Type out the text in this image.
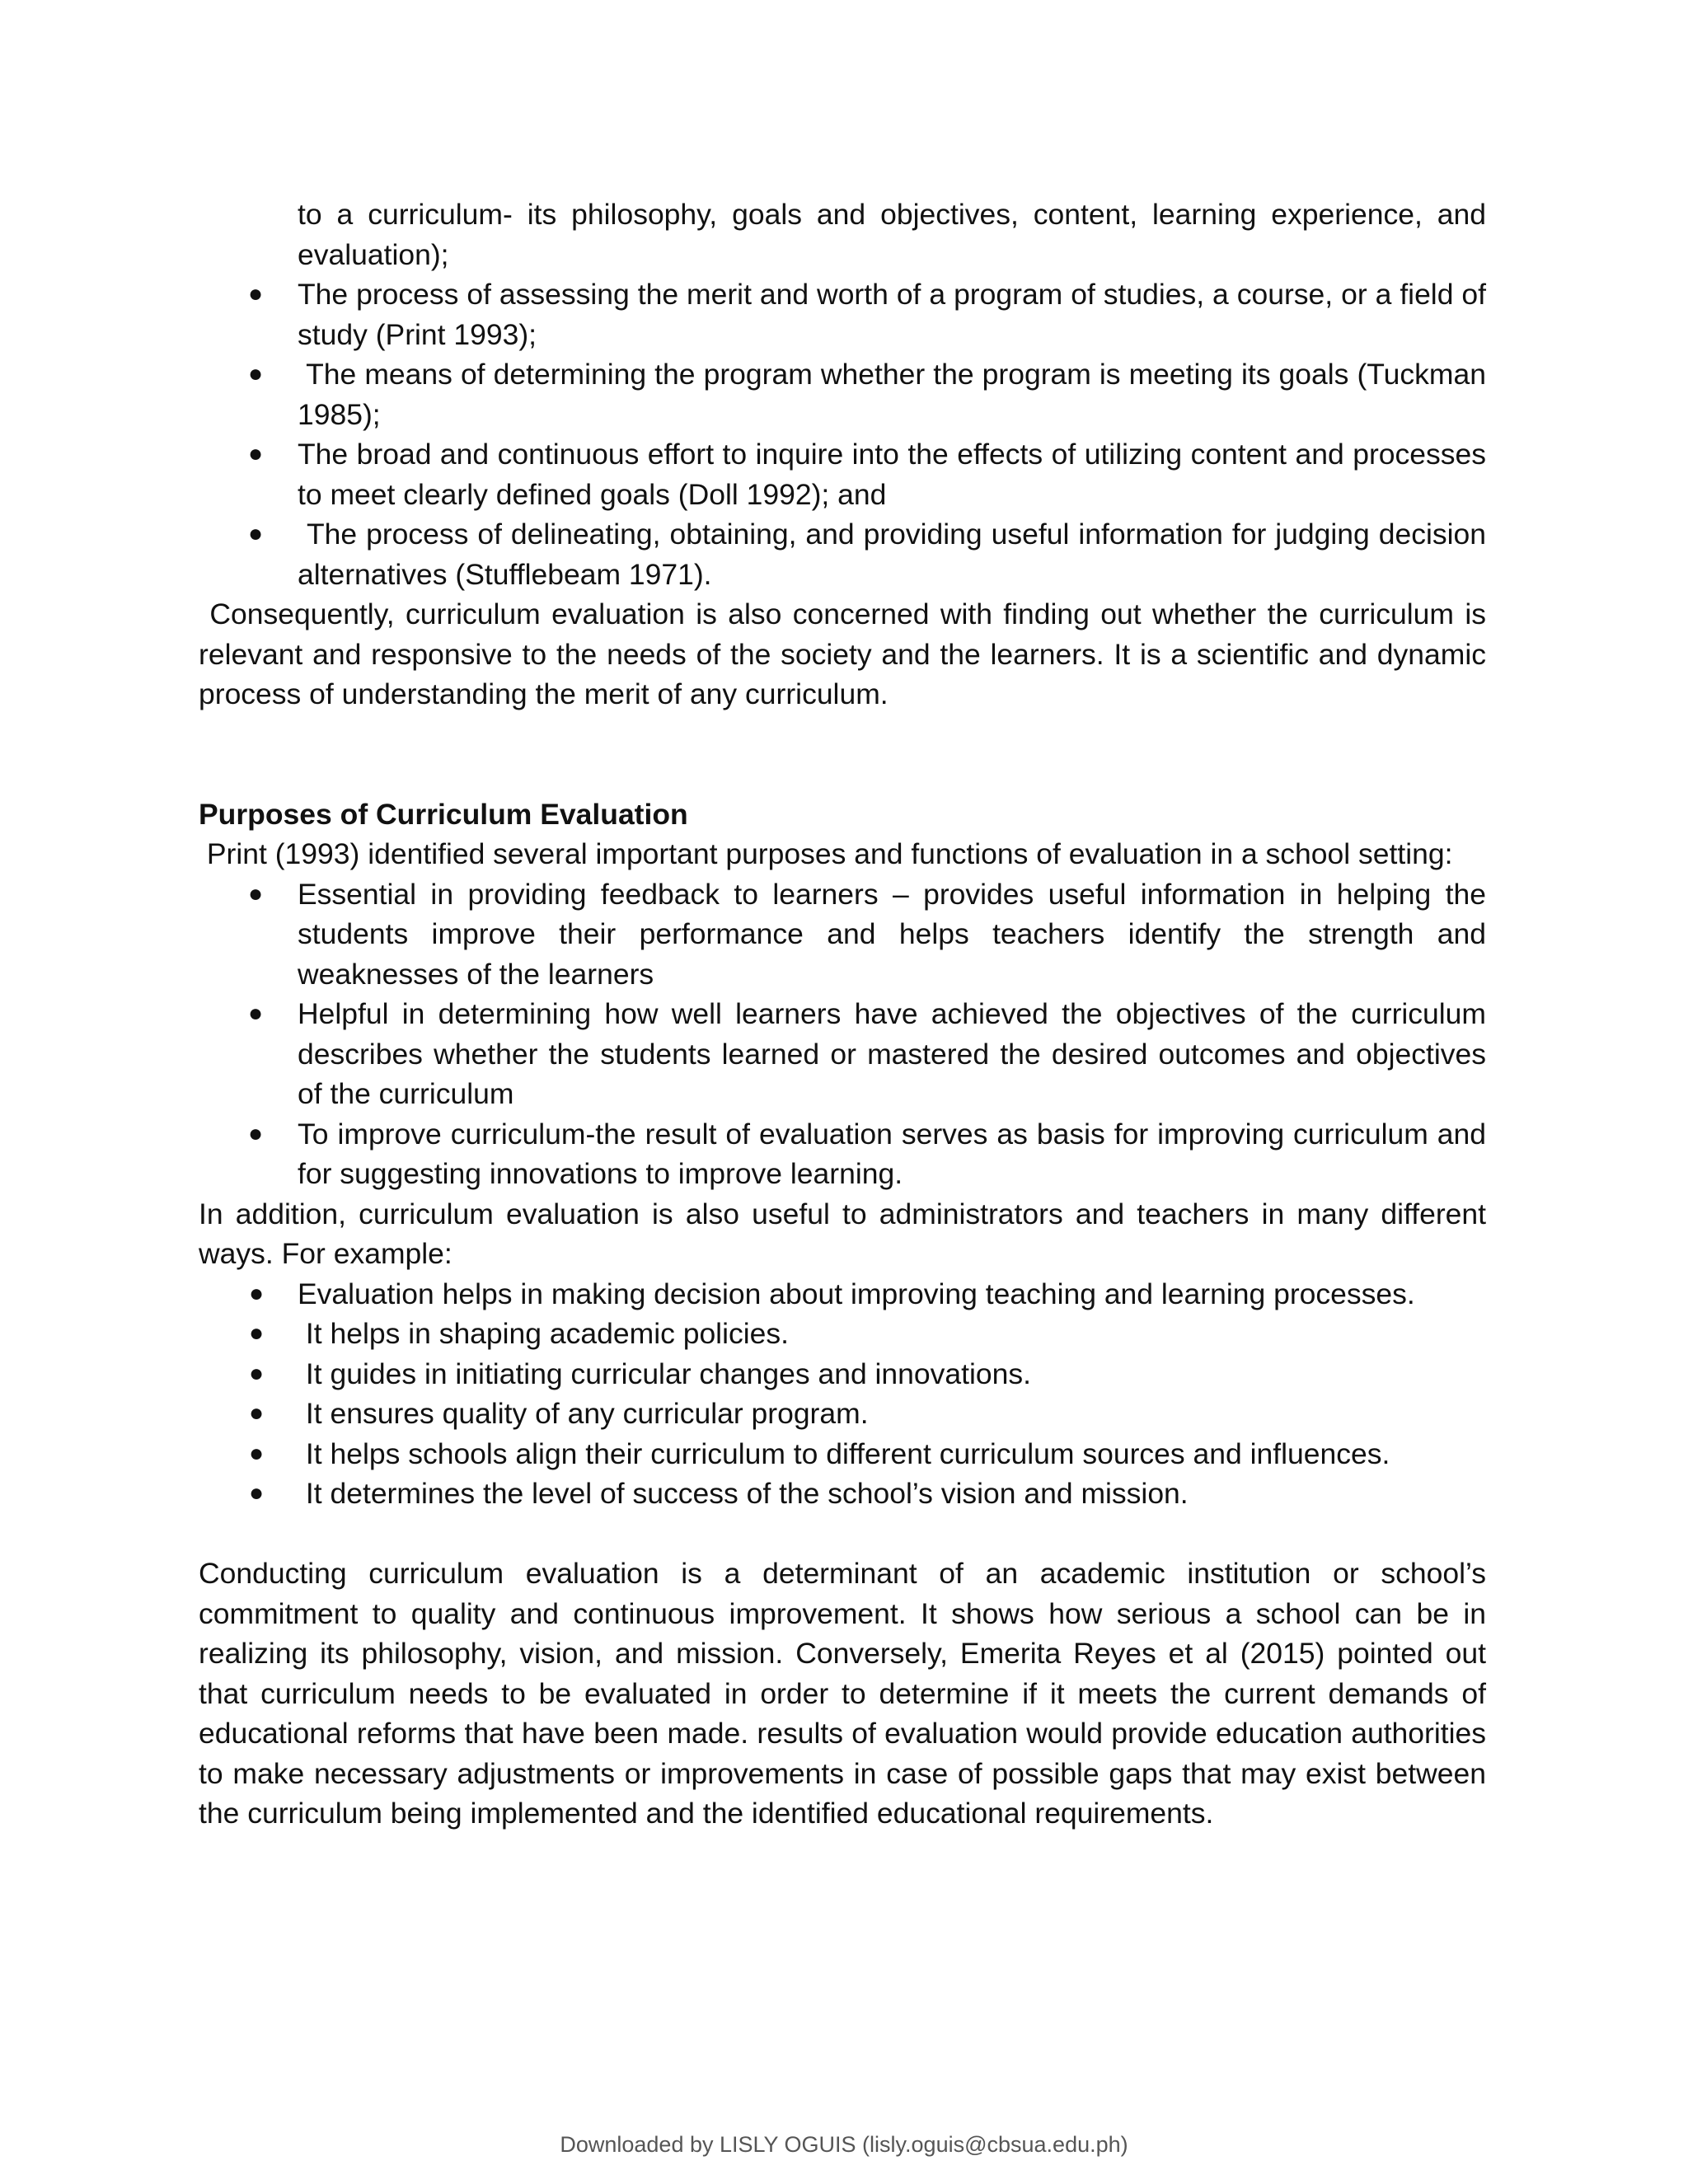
to a curriculum- its philosophy, goals and objectives, content, learning experience, and evaluation);

● The process of assessing the merit and worth of a program of studies, a course, or a field of study (Print 1993);
● The means of determining the program whether the program is meeting its goals (Tuckman 1985);
● The broad and continuous effort to inquire into the effects of utilizing content and processes to meet clearly defined goals (Doll 1992); and
● The process of delineating, obtaining, and providing useful information for judging decision alternatives (Stufflebeam 1971).

Consequently, curriculum evaluation is also concerned with finding out whether the curriculum is relevant and responsive to the needs of the society and the learners. It is a scientific and dynamic process of understanding the merit of any curriculum.

Purposes of Curriculum Evaluation

Print (1993) identified several important purposes and functions of evaluation in a school setting:

● Essential in providing feedback to learners – provides useful information in helping the students improve their performance and helps teachers identify the strength and weaknesses of the learners
● Helpful in determining how well learners have achieved the objectives of the curriculum describes whether the students learned or mastered the desired outcomes and objectives of the curriculum
● To improve curriculum-the result of evaluation serves as basis for improving curriculum and for suggesting innovations to improve learning.

In addition, curriculum evaluation is also useful to administrators and teachers in many different ways. For example:

● Evaluation helps in making decision about improving teaching and learning processes.
● It helps in shaping academic policies.
● It guides in initiating curricular changes and innovations.
● It ensures quality of any curricular program.
● It helps schools align their curriculum to different curriculum sources and influences.
● It determines the level of success of the school’s vision and mission.

Conducting curriculum evaluation is a determinant of an academic institution or school’s commitment to quality and continuous improvement. It shows how serious a school can be in realizing its philosophy, vision, and mission. Conversely, Emerita Reyes et al (2015) pointed out that curriculum needs to be evaluated in order to determine if it meets the current demands of educational reforms that have been made. results of evaluation would provide education authorities to make necessary adjustments or improvements in case of possible gaps that may exist between the curriculum being implemented and the identified educational requirements.

Downloaded by LISLY OGUIS (lisly.oguis@cbsua.edu.ph)
